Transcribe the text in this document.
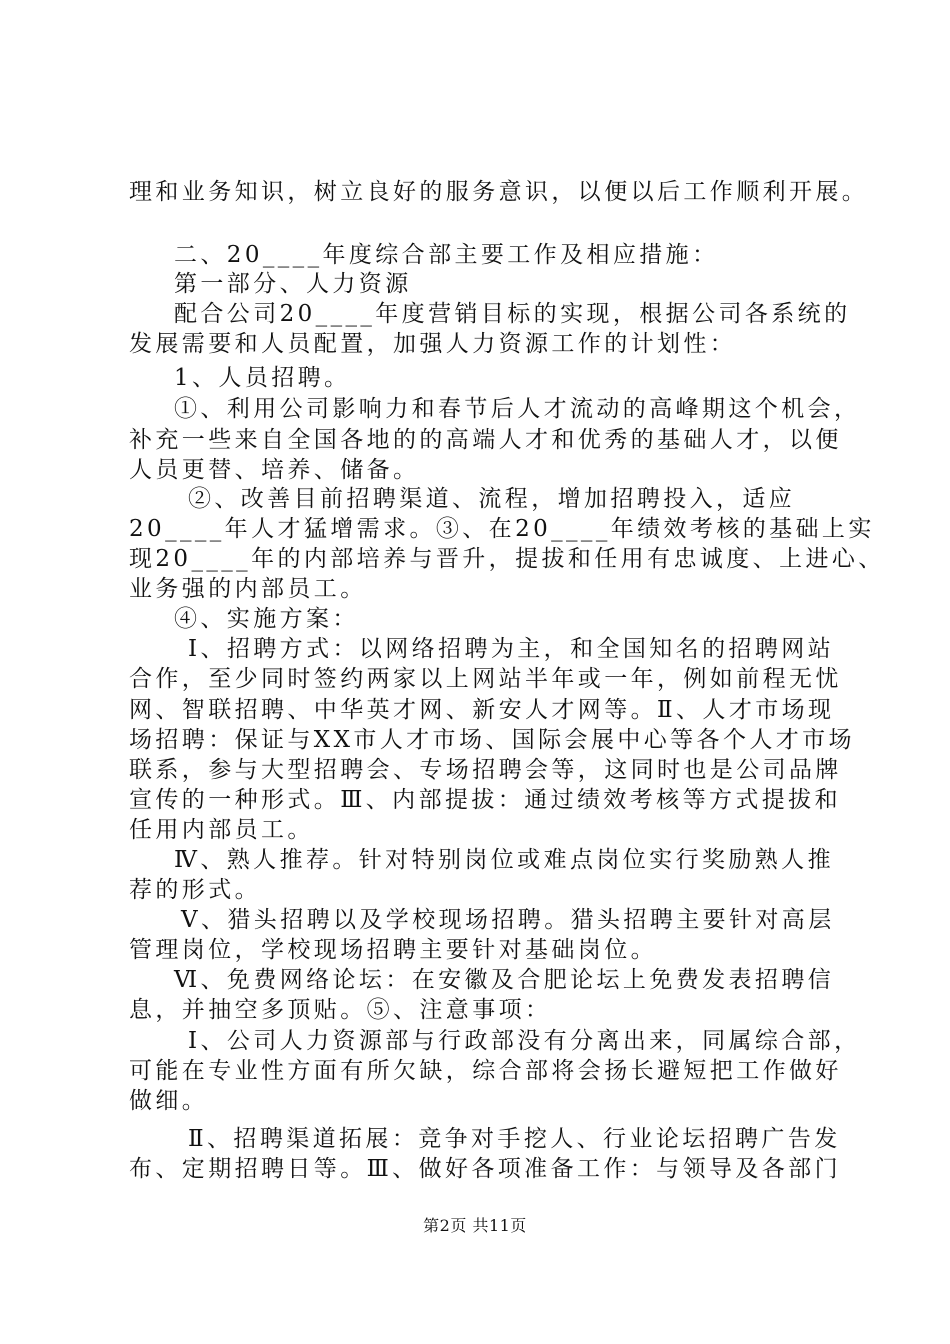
理和业务知识，树立良好的服务意识，以便以后工作顺利开展。
二、20____年度综合部主要工作及相应措施：
第一部分、人力资源
配合公司20____年度营销目标的实现，根据公司各系统的
发展需要和人员配置，加强人力资源工作的计划性：
1、人员招聘。
①、利用公司影响力和春节后人才流动的高峰期这个机会，
补充一些来自全国各地的的高端人才和优秀的基础人才，以便
人员更替、培养、储备。
②、改善目前招聘渠道、流程，增加招聘投入，适应
20____年人才猛增需求。③、在20____年绩效考核的基础上实
现20____年的内部培养与晋升，提拔和任用有忠诚度、上进心、
业务强的内部员工。
④、实施方案：
Ⅰ、招聘方式：以网络招聘为主，和全国知名的招聘网站
合作，至少同时签约两家以上网站半年或一年，例如前程无忧
网、智联招聘、中华英才网、新安人才网等。Ⅱ、人才市场现
场招聘：保证与XX市人才市场、国际会展中心等各个人才市场
联系，参与大型招聘会、专场招聘会等，这同时也是公司品牌
宣传的一种形式。Ⅲ、内部提拔：通过绩效考核等方式提拔和
任用内部员工。
Ⅳ、熟人推荐。针对特别岗位或难点岗位实行奖励熟人推
荐的形式。
Ⅴ、猎头招聘以及学校现场招聘。猎头招聘主要针对高层
管理岗位，学校现场招聘主要针对基础岗位。
Ⅵ、免费网络论坛：在安徽及合肥论坛上免费发表招聘信
息，并抽空多顶贴。⑤、注意事项：
Ⅰ、公司人力资源部与行政部没有分离出来，同属综合部，
可能在专业性方面有所欠缺，综合部将会扬长避短把工作做好
做细。
Ⅱ、招聘渠道拓展：竞争对手挖人、行业论坛招聘广告发
布、定期招聘日等。Ⅲ、做好各项准备工作：与领导及各部门
第2页 共11页
